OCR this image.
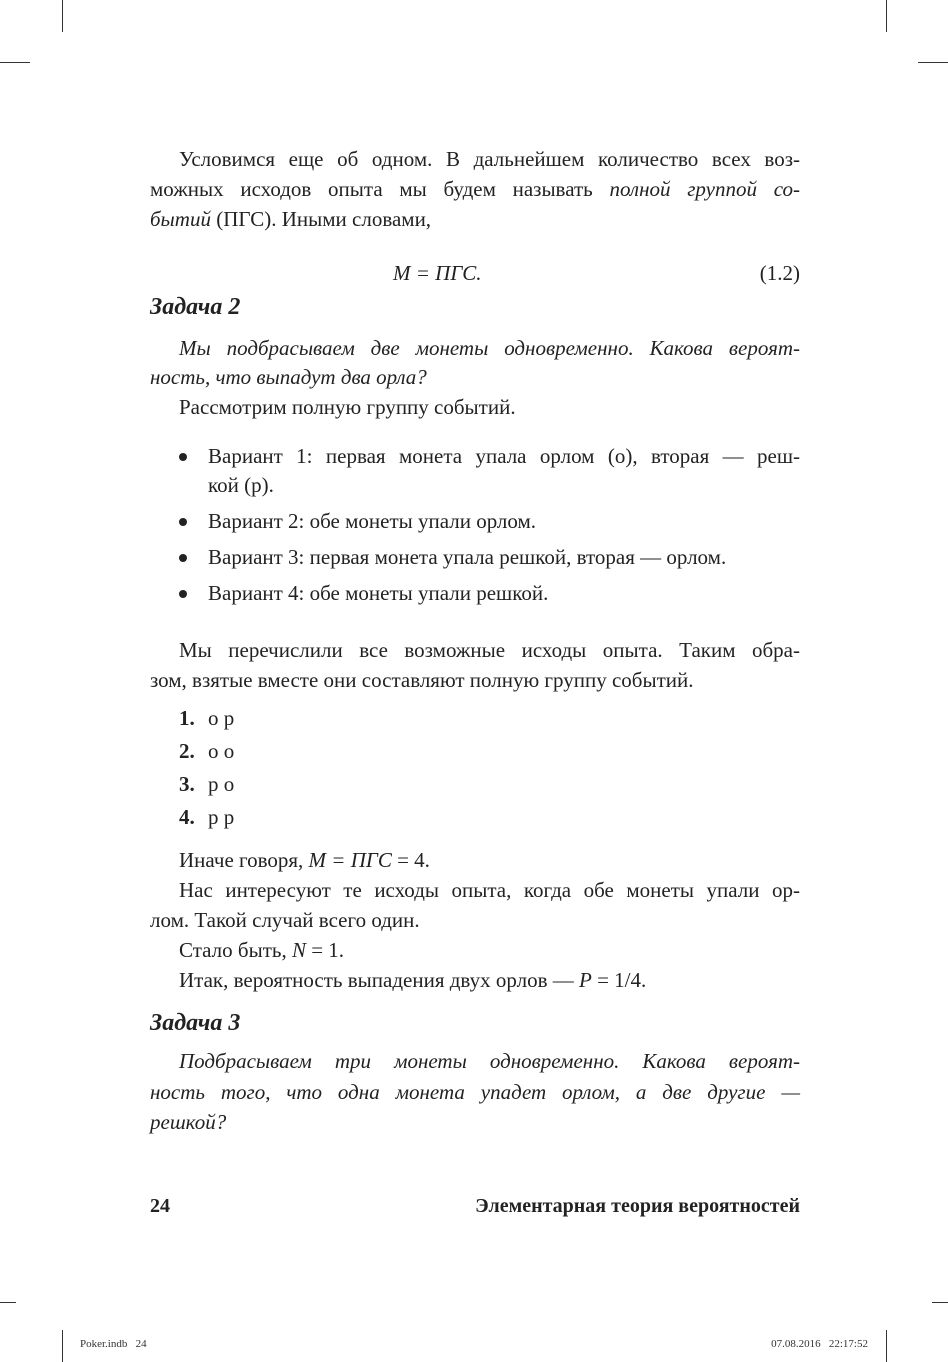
Условимся еще об одном. В дальнейшем количество всех воз-
можных исходов опыта мы будем называть полной группой со-
бытий (ПГС). Иными словами,
Мы подбрасываем две монеты одновременно. Какова вероят-
ность, что выпадут два орла?
Рассмотрим полную группу событий.
Вариант 1: первая монета упала орлом (о), вторая — реш-
кой (р).
Вариант 2: обе монеты упали орлом.
Вариант 3: первая монета упала решкой, вторая — орлом.
Вариант 4: обе монеты упали решкой.
Мы перечислили все возможные исходы опыта. Таким обра-
зом, взятые вместе они составляют полную группу событий.
1. о р
2. о о
3. р о
4. р р
Иначе говоря, M = ПГС = 4.
Нас интересуют те исходы опыта, когда обе монеты упали ор-
лом. Такой случай всего один.
Стало быть, N = 1.
Итак, вероятность выпадения двух орлов — P = 1/4.
Подбрасываем три монеты одновременно. Какова вероят-
ность того, что одна монета упадет орлом, а две другие —
решкой?
M = ПГС.	(1.2)
Задача 2
Задача 3
24	Элементарная теория вероятностей
Poker.indb   24	07.08.2016   22:17:52
